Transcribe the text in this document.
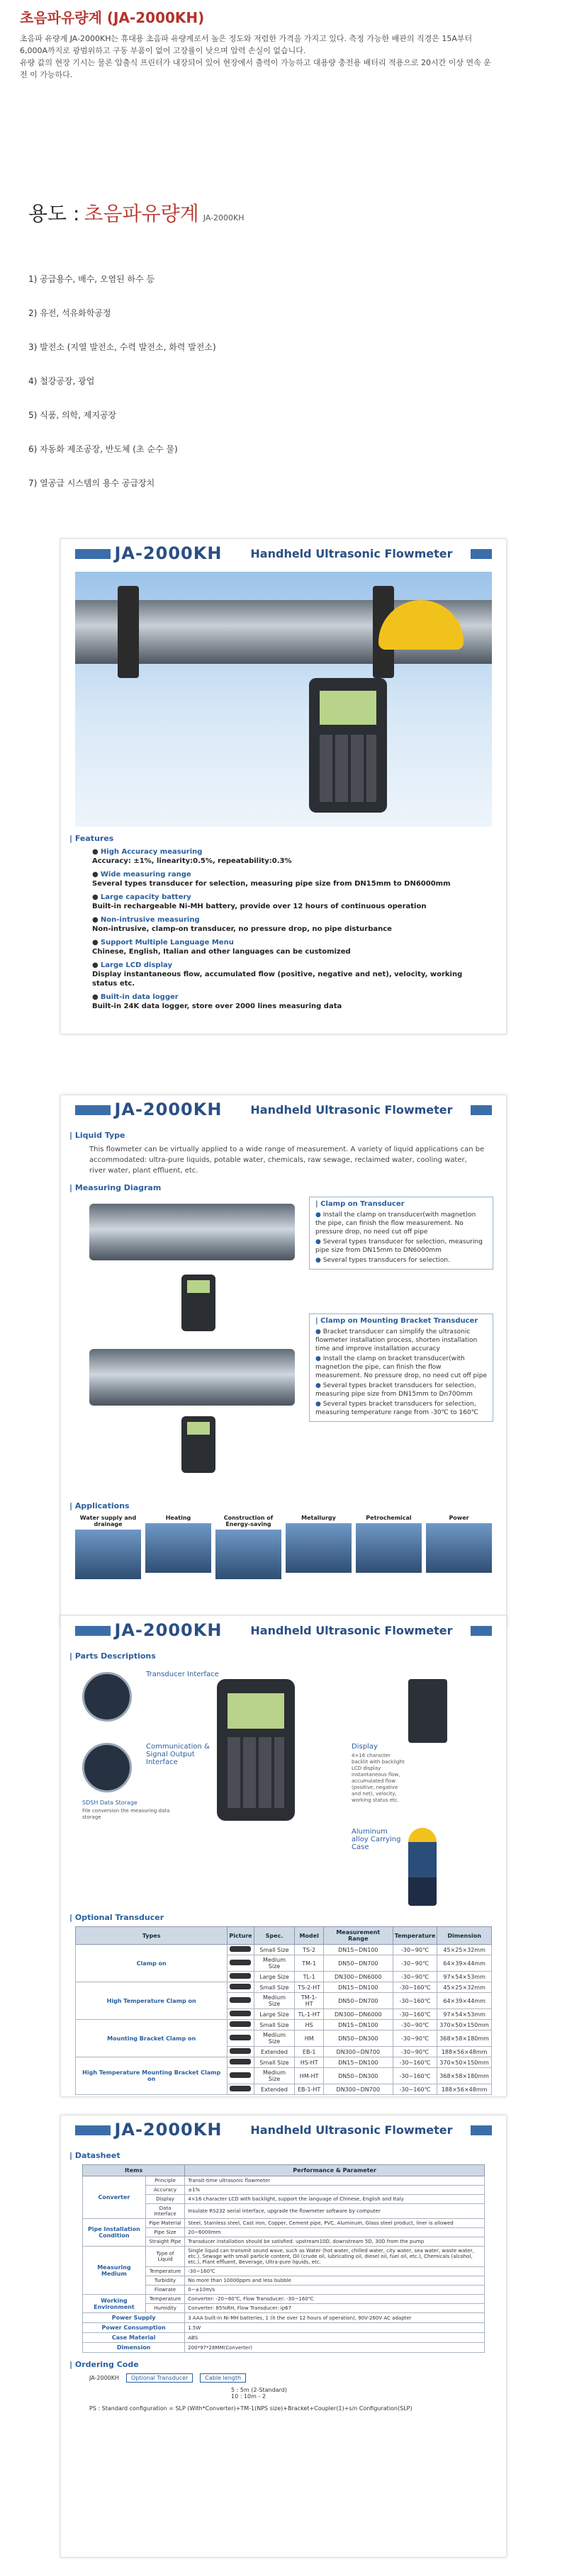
초음파유량계 (JA-2000KH)

초음파 유량계 JA-2000KH는 휴대용 초음파 유량계로서 높은 정도와 저렴한 가격을 가지고 있다. 측정 가능한 배관의 직경은 15A부터
6,000A까지로 광범위하고 구동 부품이 없어 고장률이 낮으며 압력 손실이 없습니다.
유량 값의 현장 기시는 물론 압출식 프린터가 내장되어 있어 현장에서 출력이 가능하고 대용량 충전용 배터리 적용으로 20시간 이상 연속 운
전 이 가능하다.

용도 : 초음파유량계 JA-2000KH
1) 공급용수, 배수, 오염된 하수 등
2) 유전, 석유화학공정
3) 발전소 (지열 발전소, 수력 발전소, 화력 발전소)
4) 철강공장, 광업
5) 식품, 의학, 제지공장
6) 자동화 제조공장, 반도체 (초 순수 물)
7) 열공급 시스템의 용수 공급장치
JA-2000KH	Handheld Ultrasonic Flowmeter
| Features
● High Accuracy measuring
Accuracy: ±1%, linearity:0.5%, repeatability:0.3%
● Wide measuring range
Several types transducer for selection, measuring pipe size from DN15mm to DN6000mm
● Large capacity battery
Built-in rechargeable Ni-MH battery, provide over 12 hours of continuous operation
● Non-intrusive measuring
Non-intrusive, clamp-on transducer, no pressure drop, no pipe disturbance
● Support Multiple Language Menu
Chinese, English, Italian and other languages can be customized
● Large LCD display
Display instantaneous flow, accumulated flow (positive, negative and net), velocity, working status etc.
● Built-in data logger
Built-in 24K data logger, store over 2000 lines measuring data
JA-2000KH	Handheld Ultrasonic Flowmeter
| Liquid Type

This flowmeter can be virtually applied to a wide range of measurement. A variety of liquid applications can be accommodated: ultra-pure liquids, potable water, chemicals, raw sewage, reclaimed water, cooling water, river water, plant effluent, etc.

| Measuring Diagram
| Clamp on Transducer
● Install the clamp on transducer(with magnet)on the pipe, can finish the flow measurement. No pressure drop, no need cut off pipe
● Several types transducer for selection, measuring pipe size from DN15mm to DN6000mm
● Several types transducers for selection.
| Clamp on Mounting Bracket Transducer
● Bracket transducer can simplify the ultrasonic flowmeter installation process, shorten installation time and improve installation accuracy
● Install the clamp on bracket transducer(with magnet)on the pipe, can finish the flow measurement. No pressure drop, no need cut off pipe
● Several types bracket transducers for selection, measuring pipe size from DN15mm to Dn700mm
● Several types bracket transducers for selection, measuring temperature range from -30℃ to 160℃
| Applications
Water supply and drainage
Heating	Construction of Energy-saving
Metallurgy	Petrochemical	Power
JA-2000KH	Handheld Ultrasonic Flowmeter
| Parts Descriptions
Transducer Interface
Communication & Signal Output Interface
SDSH Data Storage
File conversion the measuring data storage
Display
4×16 character backlit with backlight LCD display instantaneous flow, accumulated flow (positive, negative and net), velocity, working status etc.
Aluminum alloy Carrying Case
| Optional Transducer
Types	Picture	Spec.	Model	Measurement Range	Temperature	Dimension
Clamp on		Small Size	TS-2	DN15~DN100	-30~90℃	45×25×32mm
		Medium Size	TM-1	DN50~DN700	-30~90℃	64×39×44mm
		Large Size	TL-1	DN300~DN6000	-30~90℃	97×54×53mm
High Temperature Clamp on		Small Size	TS-2-HT	DN15~DN100	-30~160℃	45×25×32mm
		Medium Size	TM-1-HT	DN50~DN700	-30~160℃	64×39×44mm
		Large Size	TL-1-HT	DN300~DN6000	-30~160℃	97×54×53mm
Mounting Bracket Clamp on		Small Size	HS	DN15~DN100	-30~90℃	370×50×150mm
		Medium Size	HM	DN50~DN300	-30~90℃	368×58×180mm
		Extended	EB-1	DN300~DN700	-30~90℃	188×56×48mm
High Temperature Mounting Bracket Clamp on		Small Size	HS-HT	DN15~DN100	-30~160℃	370×50×150mm
		Medium Size	HM-HT	DN50~DN300	-30~160℃	368×58×180mm
		Extended	EB-1-HT	DN300~DN700	-30~160℃	188×56×48mm
JA-2000KH	Handheld Ultrasonic Flowmeter
| Datasheet
Items		Performance & Parameter
Converter	Principle	Transit-time ultrasonic flowmeter
	Accuracy	±1%
	Display	4×16 character LCD with backlight, support the language of Chinese, English and Italy
	Data Interface	Insulate RS232 serial interface, upgrade the flowmeter software by computer
Pipe Installation Condition	Pipe Material	Steel, Stainless steel, Cast iron, Copper, Cement pipe, PVC, Aluminum, Glass steel product, liner is allowed
	Pipe Size	20~6000mm
	Straight Pipe	Transducer installation should be satisfied: upstream10D, downstream 5D, 30D from the pump
Measuring Medium	Type of Liquid	Single liquid can transmit sound wave, such as Water (hot water, chilled water, city water, sea water, waste water, etc.), Sewage with small particle content, Oil (crude oil, lubricating oil, diesel oil, fuel oil, etc.), Chemicals (alcohol, etc.), Plant effluent, Beverage, Ultra-pure liquids, etc.
	Temperature	-30~160℃
	Turbidity	No more than 10000ppm and less bubble
	Flowrate	0~±10m/s
Working Environment	Temperature	Converter: -20~60℃, Flow Transducer: -30~160℃
	Humidity	Converter: 85%RH, Flow Transducer: ip67
Power Supply		3 AAA built-in Ni-MH batteries, 1 (it the over 12 hours of operation), 90V-260V AC adapter
Power Consumption		1.5W
Case Material		ABS
Dimension		200*97*28MM(Converter)
| Ordering Code
JA-2000KH	Optional Transducer	Cable length
5 : 5m (2-Standard)
10 : 10m - 2
PS : Standard configuration = SLP (With*Converter)+TM-1(NPS size)+Bracket+Coupler(1)+s/n Configuration(SLP)
